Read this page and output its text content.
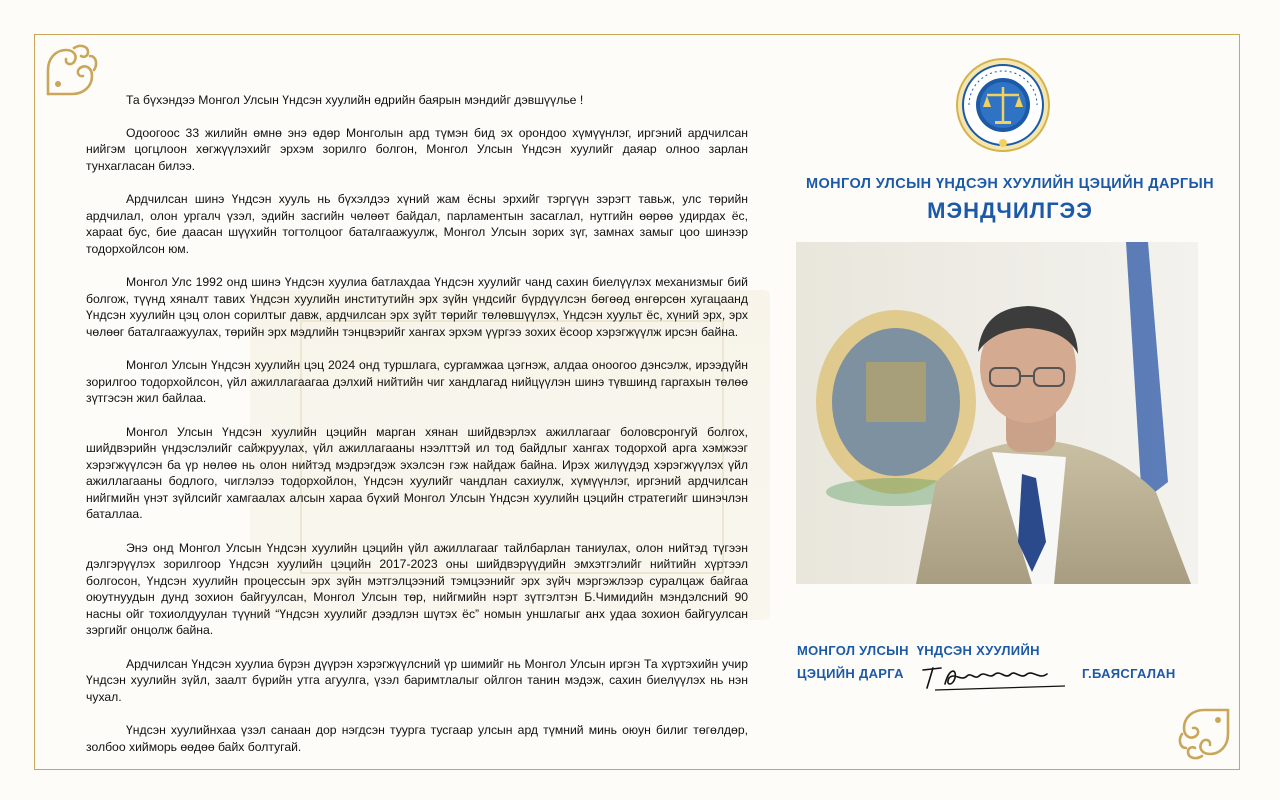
Та бүхэндээ Монгол Улсын Үндсэн хуулийн өдрийн баярын мэндийг дэвшүүлье !

Одоогоос 33 жилийн өмнө энэ өдөр Монголын ард түмэн бид эх орондоо хүмүүнлэг, иргэний ардчилсан нийгэм цогцлоон хөгжүүлэхийг эрхэм зорилго болгон, Монгол Улсын Үндсэн хуулийг даяар олноо зарлан тунхагласан билээ.

Ардчилсан шинэ Үндсэн хууль нь бүхэлдээ хүний жам ёсны эрхийг тэргүүн зэрэгт тавьж, улс төрийн ардчилал, олон ургалч үзэл, эдийн засгийн чөлөөт байдал, парламентын засаглал, нутгийн өөрөө удирдах ёс, харааt бус, бие даасан шүүхийн тогтолцоог баталгаажуулж, Монгол Улсын зорих зүг, замнах замыг цоо шинээр тодорхойлсон юм.

Монгол Улс 1992 онд шинэ Үндсэн хуулиа батлахдаа Үндсэн хуулийг чанд сахин биелүүлэх механизмыг бий болгож, түүнд хяналт тавих Үндсэн хуулийн институтийн эрх зүйн үндсийг бүрдүүлсэн бөгөөд өнгөрсөн хугацаанд Үндсэн хуулийн цэц олон сорилтыг давж, ардчилсан эрх зүйт төрийг төлөвшүүлэх, Үндсэн хуульт ёс, хүний эрх, эрх чөлөөг баталгаажуулах, төрийн эрх мэдлийн тэнцвэрийг хангах эрхэм үүргээ зохих ёсоор хэрэгжүүлж ирсэн байна.

Монгол Улсын Үндсэн хуулийн цэц 2024 онд туршлага, сургамжаа цэгнэж, алдаа оноогоо дэнсэлж, ирээдүйн зорилгоо тодорхойлсон, үйл ажиллагаагаа дэлхий нийтийн чиг хандлагад нийцүүлэн шинэ түвшинд гаргахын төлөө зүтгэсэн жил байлаа.

Монгол Улсын Үндсэн хуулийн цэцийн марган хянан шийдвэрлэх ажиллагааг боловсронгуй болгох, шийдвэрийн үндэслэлийг сайжруулах, үйл ажиллагааны нээлттэй ил тод байдлыг хангах тодорхой арга хэмжээг хэрэгжүүлсэн ба үр нөлөө нь олон нийтэд мэдрэгдэж эхэлсэн гэж найдаж байна. Ирэх жилүүдэд хэрэгжүүлэх үйл ажиллагааны бодлого, чиглэлээ тодорхойлон, Үндсэн хуулийг чандлан сахиулж, хүмүүнлэг, иргэний ардчилсан нийгмийн үнэт зүйлсийг хамгаалах алсын хараа бүхий Монгол Улсын Үндсэн хуулийн цэцийн стратегийг шинэчлэн баталлаа.

Энэ онд Монгол Улсын Үндсэн хуулийн цэцийн үйл ажиллагааг тайлбарлан таниулах, олон нийтэд түгээн дэлгэрүүлэх зорилгоор Үндсэн хуулийн цэцийн 2017-2023 оны шийдвэрүүдийн эмхэтгэлийг нийтийн хүртээл болгосон, Үндсэн хуулийн процессын эрх зүйн мэтгэлцээний тэмцээнийг эрх зүйч мэргэжлээр суралцаж байгаа оюутнуудын дунд зохион байгуулсан, Монгол Улсын төр, нийгмийн нэрт зүтгэлтэн Б.Чимидийн мэндэлсний 90 насны ойг тохиолдуулан түүний “Үндсэн хуулийг дээдлэн шүтэх ёс” номын уншлагыг анх удаа зохион байгуулсан зэргийг онцолж байна.

Ардчилсан Үндсэн хуулиа бүрэн дүүрэн хэрэгжүүлсний үр шимийг нь Монгол Улсын иргэн Та хүртэхийн учир Үндсэн хуулийн зүйл, заалт бүрийн утга агуулга, үзэл баримтлалыг ойлгон танин мэдэж, сахин биелүүлэх нь нэн чухал.

Үндсэн хуулийнхаа үзэл санаан дор нэгдсэн туурга тусгаар улсын ард түмний минь оюун билиг төгөлдөр, золбоо хийморь өөдөө байх болтугай.

МОНГОЛ УЛСЫН ҮНДСЭН ХУУЛИЙН ЦЭЦИЙН ДАРГЫН
МЭНДЧИЛГЭЭ
МОНГОЛ УЛСЫН  ҮНДСЭН ХУУЛИЙН
ЦЭЦИЙН ДАРГА	Г.БАЯСГАЛАН
